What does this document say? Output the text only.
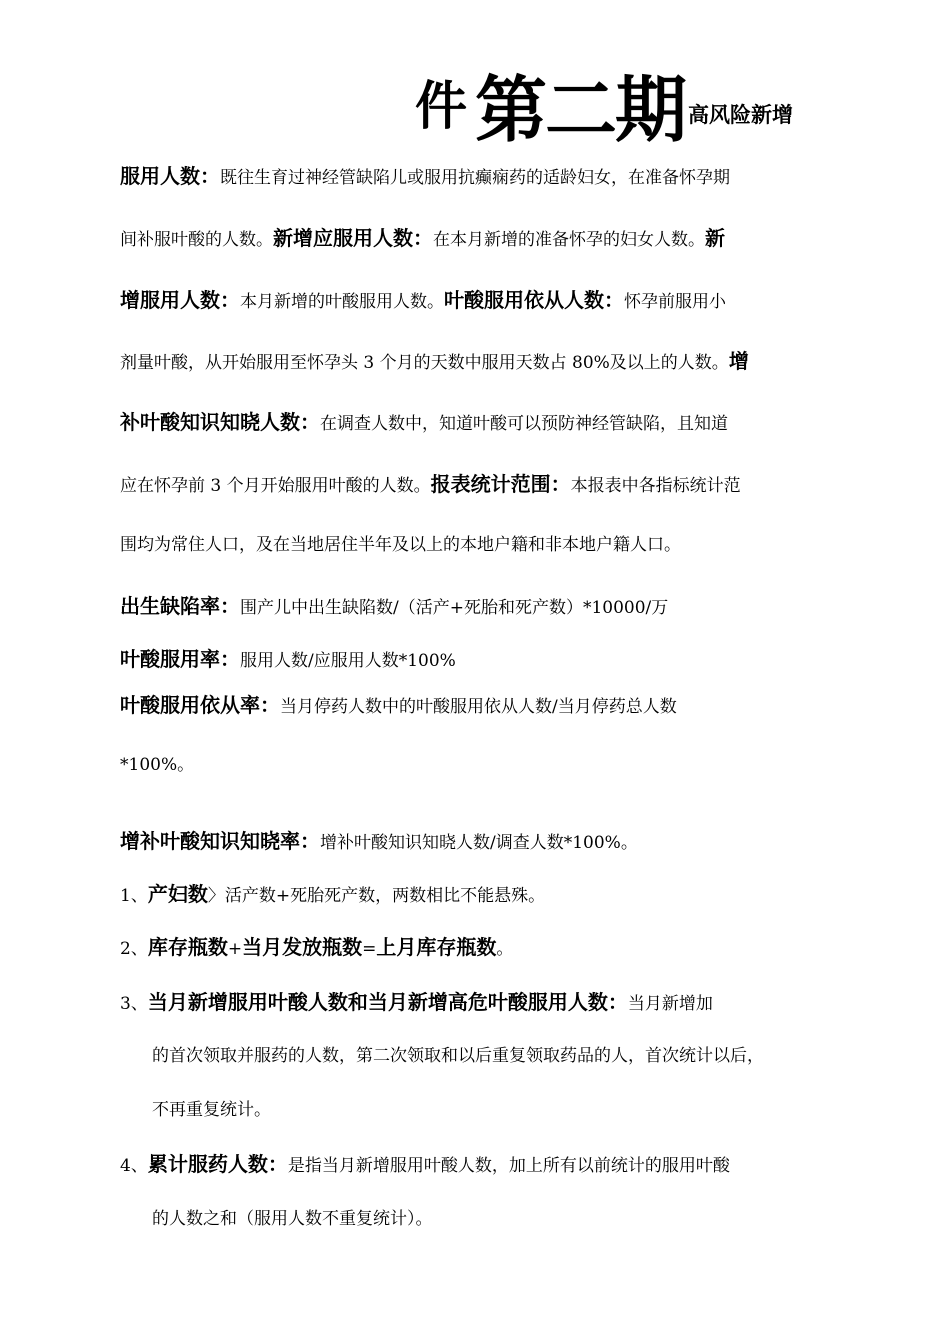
件 第二期 高风险新增
服用人数：既往生育过神经管缺陷儿或服用抗癫痫药的适龄妇女，在准备怀孕期
间补服叶酸的人数。新增应服用人数：在本月新增的准备怀孕的妇女人数。新
增服用人数：本月新增的叶酸服用人数。叶酸服用依从人数：怀孕前服用小
剂量叶酸，从开始服用至怀孕头 3 个月的天数中服用天数占 80%及以上的人数。增
补叶酸知识知晓人数：在调查人数中，知道叶酸可以预防神经管缺陷，且知道
应在怀孕前 3 个月开始服用叶酸的人数。报表统计范围：本报表中各指标统计范
围均为常住人口，及在当地居住半年及以上的本地户籍和非本地户籍人口。
出生缺陷率：围产儿中出生缺陷数/（活产+死胎和死产数）*10000/万
叶酸服用率：服用人数/应服用人数*100%
叶酸服用依从率：当月停药人数中的叶酸服用依从人数/当月停药总人数
*100%。
增补叶酸知识知晓率：增补叶酸知识知晓人数/调查人数*100%。
1、产妇数〉活产数+死胎死产数，两数相比不能悬殊。
2、库存瓶数+当月发放瓶数=上月库存瓶数。
3、当月新增服用叶酸人数和当月新增高危叶酸服用人数：当月新增加
的首次领取并服药的人数，第二次领取和以后重复领取药品的人，首次统计以后，
不再重复统计。
4、累计服药人数：是指当月新增服用叶酸人数，加上所有以前统计的服用叶酸
的人数之和（服用人数不重复统计）。
